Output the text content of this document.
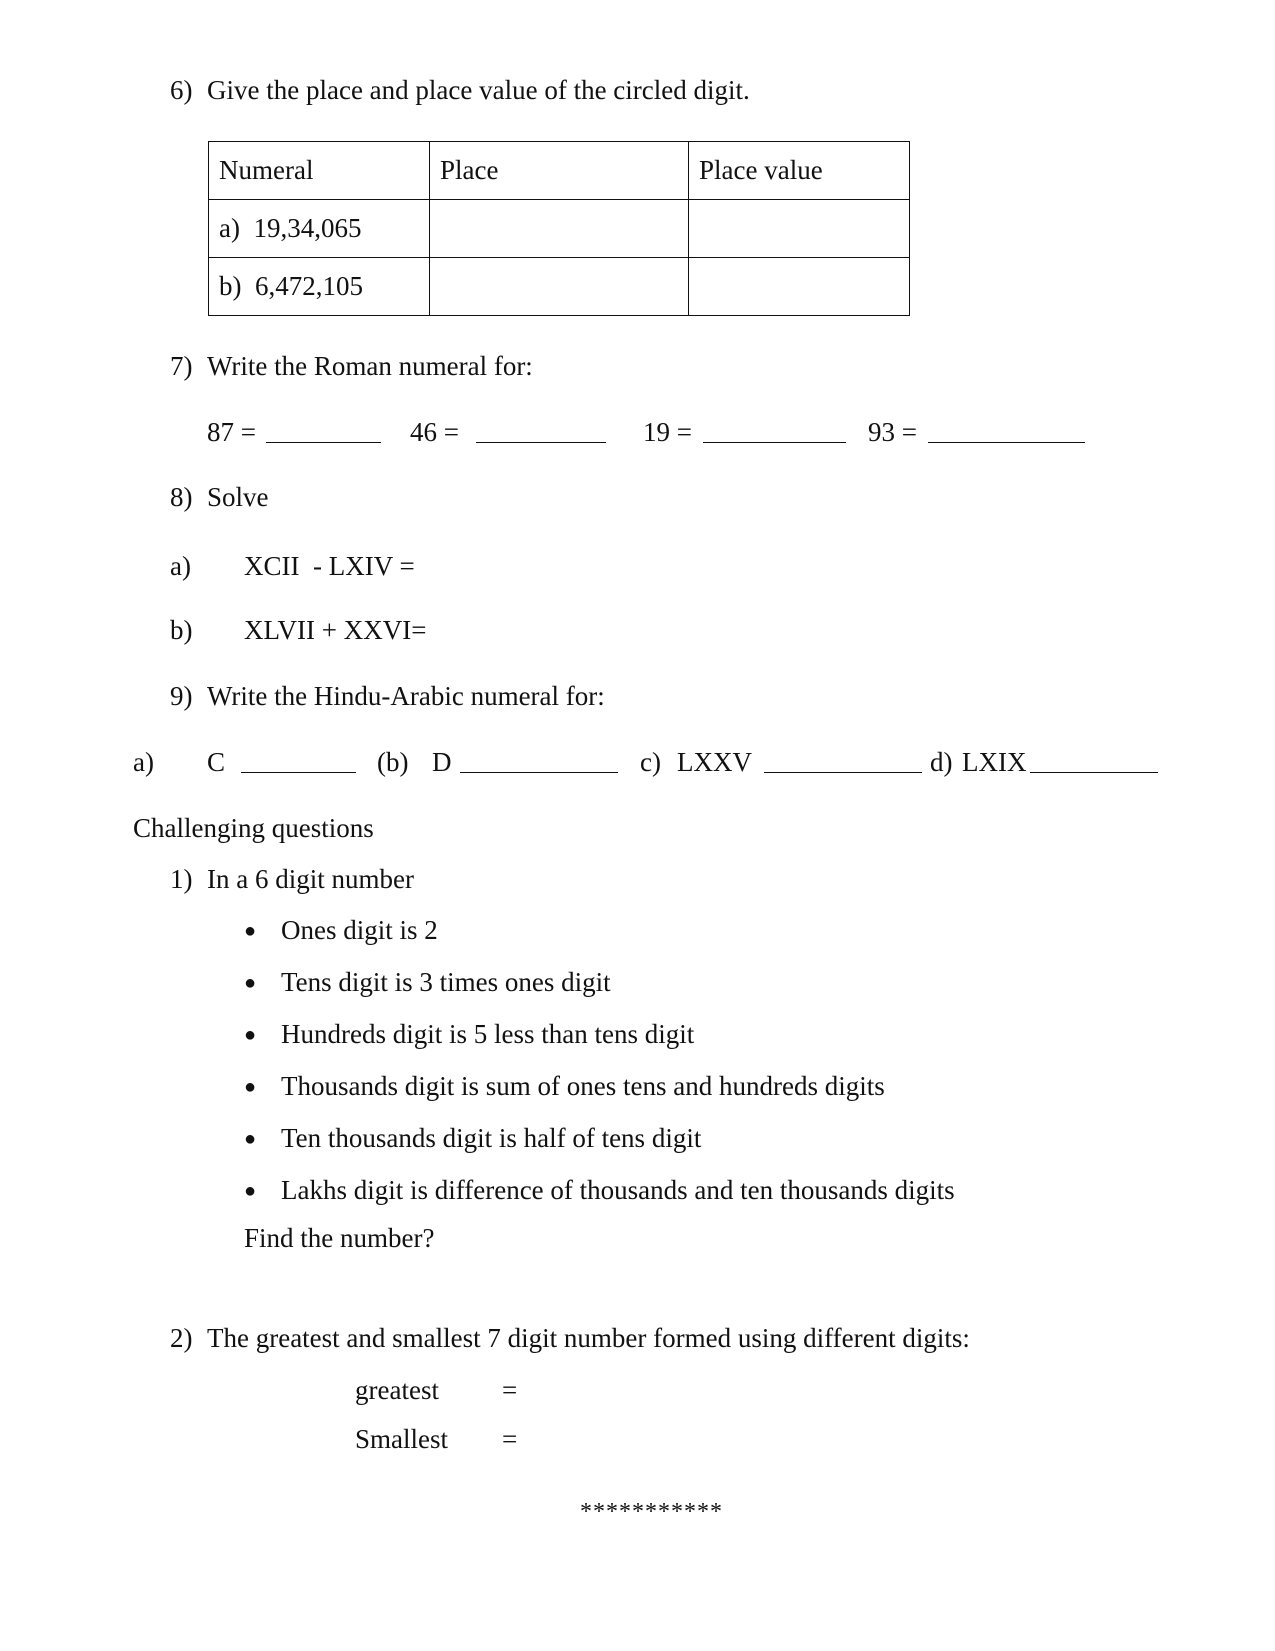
6) Give the place and place value of the circled digit.
Numeral	Place	Place value
a) 19,34,065		
b) 6,472,105		
7) Write the Roman numeral for:
87 =	46 =	19 =	93 =
8) Solve
a) XCII  - LXIV =
b) XLVII + XXVI=
9) Write the Hindu-Arabic numeral for:
a) C	(b) D	c) LXXV	d) LXIX
Challenging questions
1) In a 6 digit number
● Ones digit is 2
● Tens digit is 3 times ones digit
● Hundreds digit is 5 less than tens digit
● Thousands digit is sum of ones tens and hundreds digits
● Ten thousands digit is half of tens digit
● Lakhs digit is difference of thousands and ten thousands digits
Find the number?
2) The greatest and smallest 7 digit number formed using different digits:
greatest =
Smallest =
***********
